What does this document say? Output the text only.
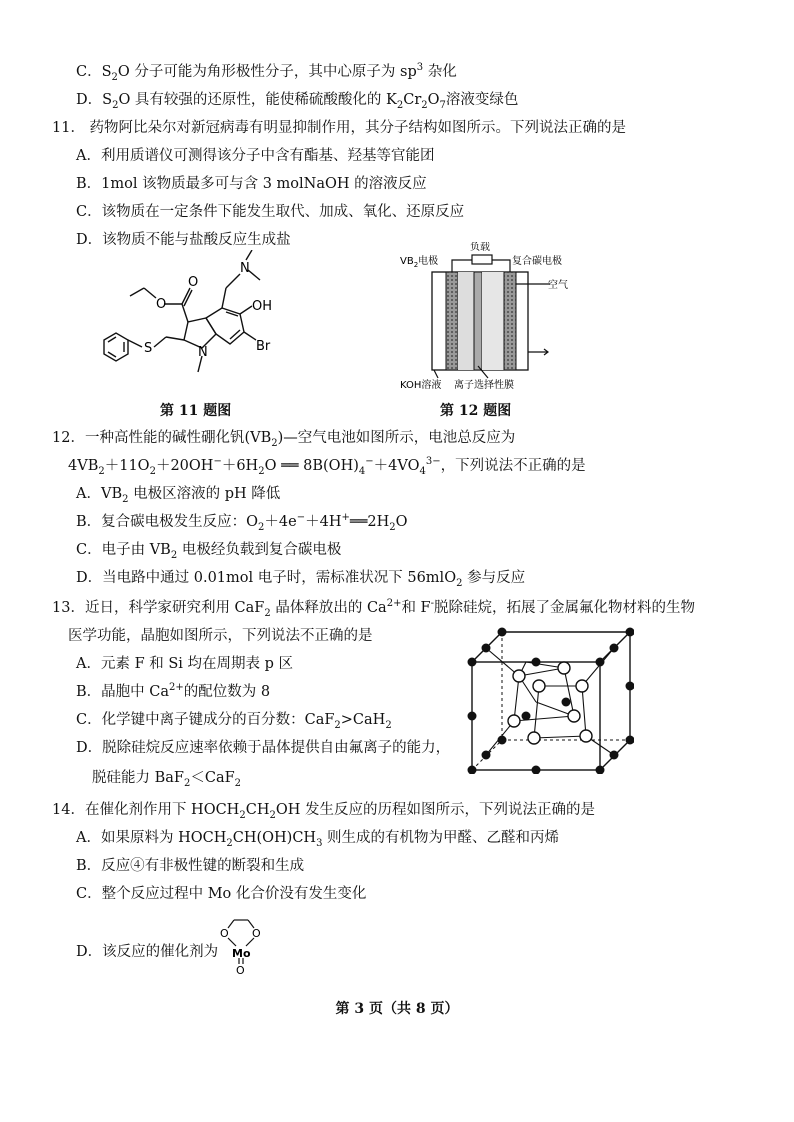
C．$S_2O$ 分子可能为角形极性分子，其中心原子为 $sp^3$ 杂化
D．$S_2O$ 具有较强的还原性，能使稀硫酸酸化的 $K_2Cr_2O_7$溶液变绿色
11． 药物阿比朵尔对新冠病毒有明显抑制作用，其分子结构如图所示。下列说法正确的是
A．利用质谱仪可测得该分子中含有酯基、羟基等官能团
B．1mol 该物质最多可与含 3 molNaOH 的溶液反应
C．该物质在一定条件下能发生取代、加成、氧化、还原反应
D．该物质不能与盐酸反应生成盐
OH
Br
S	N
N
O
O
第 11 题图
$VB_2$电极
负载
复合碳电极
空气
KOH溶液 离子选择性膜
第 12 题图
12．一种高性能的碱性硼化钒$(VB_2)—$空气电池如图所示，电池总反应为
$4VB_2+11O_2+20OH^-+6H_2O$ ══ $8B(OH)_4^-+4VO_4^{3-}$，下列说法不正确的是
A．$VB_2$ 电极区溶液的 pH 降低
B．复合碳电极发生反应：$O_2+4e^-+4H^+══2H_2O$
C．电子由 $VB_2$ 电极经负载到复合碳电极
D．当电路中通过 0.01mol 电子时，需标准状况下 56mlO$_2$ 参与反应
13．近日，科学家研究利用 CaF$_2$ 晶体释放出的 $Ca^{2+}$和 F-脱除硅烷，拓展了金属氟化物材料的生物
医学功能，晶胞如图所示，下列说法不正确的是
A．元素 F 和 Si 均在周期表 p 区
B．晶胞中 $Ca^{2+}$的配位数为 8
C．化学键中离子键成分的百分数：CaF$_2$>CaH$_2$
D．脱除硅烷反应速率依赖于晶体提供自由氟离子的能力，
脱硅能力 BaF$_2$＜CaF$_2$
14．在催化剂作用下 $HOCH_2CH_2OH$ 发生反应的历程如图所示，下列说法正确的是
A．如果原料为 $HOCH_2CH(OH)CH_3$ 则生成的有机物为甲醛、乙醛和丙烯
B．反应④有非极性键的断裂和生成
C．整个反应过程中 Mo 化合价没有发生变化
D．该反应的催化剂为
O O
Mo
O
第 3 页（共 8 页）
